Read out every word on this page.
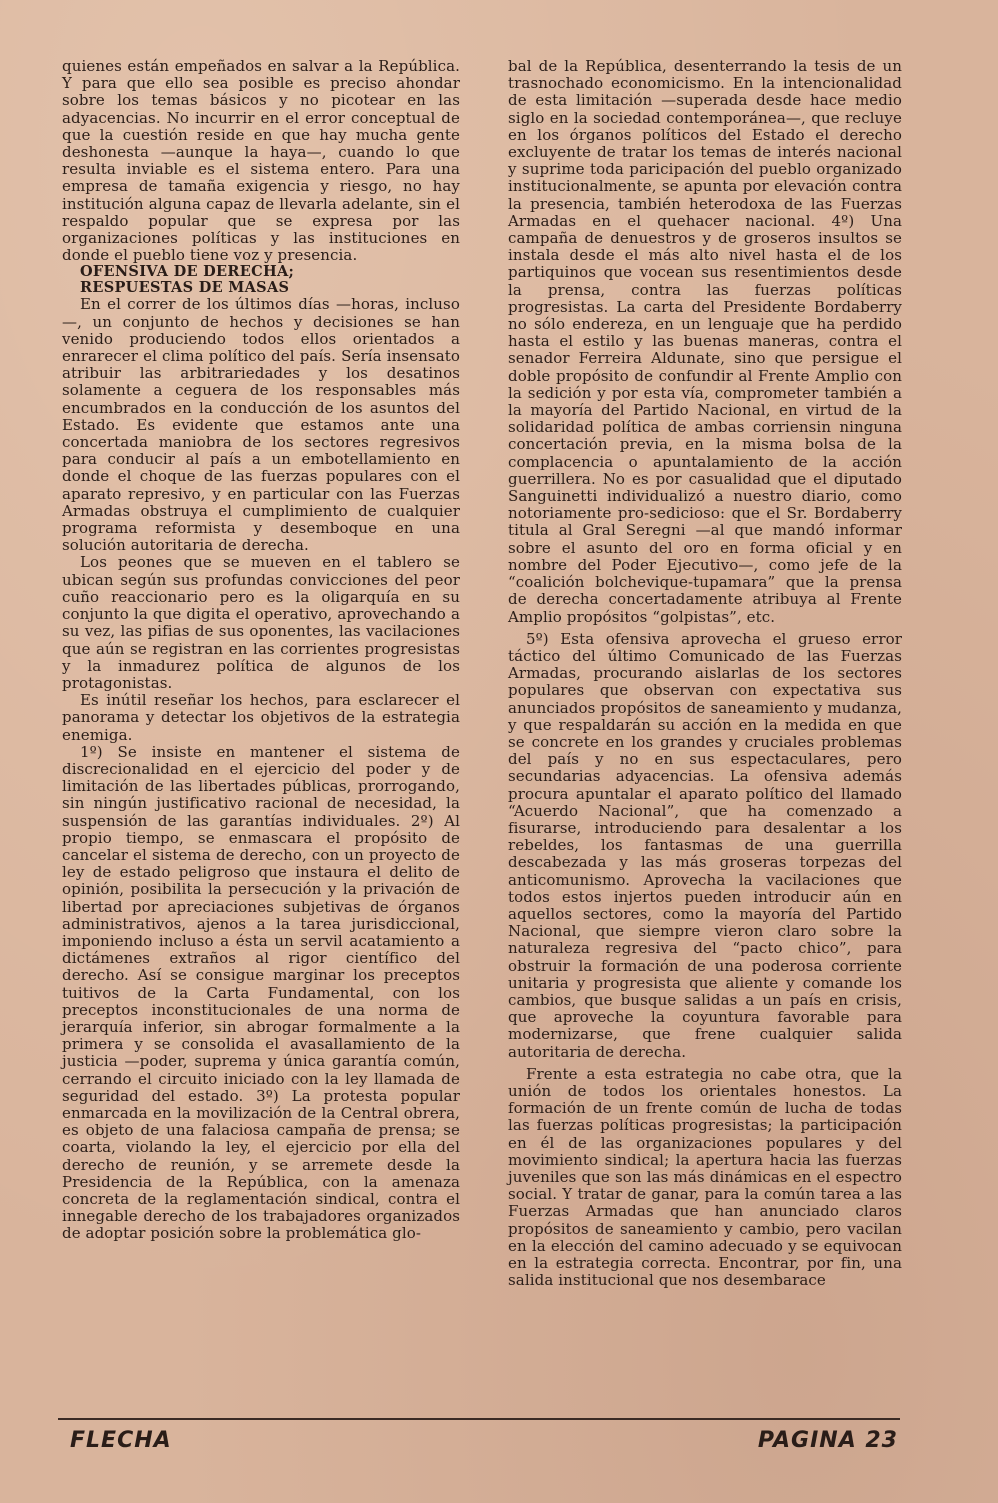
quienes están empeñados en salvar a la República. Y para que ello sea posible es preciso ahondar sobre los temas básicos y no picotear en las adyacencias. No incurrir en el error conceptual de que la cuestión reside en que hay mucha gente deshonesta —aunque la haya—, cuando lo que resulta inviable es el sistema entero. Para una empresa de tamaña exigencia y riesgo, no hay institución alguna capaz de llevarla adelante, sin el respaldo popular que se expresa por las organizaciones políticas y las instituciones en donde el pueblo tiene voz y presencia.

OFENSIVA DE DERECHA;
RESPUESTAS DE MASAS

En el correr de los últimos días —horas, incluso—, un conjunto de hechos y decisiones se han venido produciendo todos ellos orientados a enrarecer el clima político del país. Sería insensato atribuir las arbitrariedades y los desatinos solamente a ceguera de los responsables más encumbrados en la conducción de los asuntos del Estado. Es evidente que estamos ante una concertada maniobra de los sectores regresivos para conducir al país a un embotellamiento en donde el choque de las fuerzas populares con el aparato represivo, y en particular con las Fuerzas Armadas obstruya el cumplimiento de cualquier programa reformista y desemboque en una solución autoritaria de derecha.

Los peones que se mueven en el tablero se ubican según sus profundas convicciones del peor cuño reaccionario pero es la oligarquía en su conjunto la que digita el operativo, aprovechando a su vez, las pifias de sus oponentes, las vacilaciones que aún se registran en las corrientes progresistas y la inmadurez política de algunos de los protagonistas.

Es inútil reseñar los hechos, para esclarecer el panorama y detectar los objetivos de la estrategia enemiga.

1º) Se insiste en mantener el sistema de discrecionalidad en el ejercicio del poder y de limitación de las libertades públicas, prorrogando, sin ningún justificativo racional de necesidad, la suspensión de las garantías individuales. 2º) Al propio tiempo, se enmascara el propósito de cancelar el sistema de derecho, con un proyecto de ley de estado peligroso que instaura el delito de opinión, posibilita la persecución y la privación de libertad por apreciaciones subjetivas de órganos administrativos, ajenos a la tarea jurisdiccional, imponiendo incluso a ésta un servil acatamiento a dictámenes extraños al rigor científico del derecho. Así se consigue marginar los preceptos tuitivos de la Carta Fundamental, con los preceptos inconstitucionales de una norma de jerarquía inferior, sin abrogar formalmente a la primera y se consolida el avasallamiento de la justicia —poder, suprema y única garantía común, cerrando el circuito iniciado con la ley llamada de seguridad del estado. 3º) La protesta popular enmarcada en la movilización de la Central obrera, es objeto de una falaciosa campaña de prensa; se coarta, violando la ley, el ejercicio por ella del derecho de reunión, y se arremete desde la Presidencia de la República, con la amenaza concreta de la reglamentación sindical, contra el innegable derecho de los trabajadores organizados de adoptar posición sobre la problemática glo-

bal de la República, desenterrando la tesis de un trasnochado economicismo. En la intencionalidad de esta limitación —superada desde hace medio siglo en la sociedad contemporánea—, que recluye en los órganos políticos del Estado el derecho excluyente de tratar los temas de interés nacional y suprime toda paricipación del pueblo organizado institucionalmente, se apunta por elevación contra la presencia, también heterodoxa de las Fuerzas Armadas en el quehacer nacional. 4º) Una campaña de denuestros y de groseros insultos se instala desde el más alto nivel hasta el de los partiquinos que vocean sus resentimientos desde la prensa, contra las fuerzas políticas progresistas. La carta del Presidente Bordaberry no sólo endereza, en un lenguaje que ha perdido hasta el estilo y las buenas maneras, contra el senador Ferreira Aldunate, sino que persigue el doble propósito de confundir al Frente Amplio con la sedición y por esta vía, comprometer también a la mayoría del Partido Nacional, en virtud de la solidaridad política de ambas corriensin ninguna concertación previa, en la misma bolsa de la complacencia o apuntalamiento de la acción guerrillera. No es por casualidad que el diputado Sanguinetti individualizó a nuestro diario, como notoriamente pro-sedicioso: que el Sr. Bordaberry titula al Gral Seregni —al que mandó informar sobre el asunto del oro en forma oficial y en nombre del Poder Ejecutivo—, como jefe de la “coalición bolchevique-tupamara” que la prensa de derecha concertadamente atribuya al Frente Amplio propósitos “golpistas”, etc.

5º) Esta ofensiva aprovecha el grueso error táctico del último Comunicado de las Fuerzas Armadas, procurando aislarlas de los sectores populares que observan con expectativa sus anunciados propósitos de saneamiento y mudanza, y que respaldarán su acción en la medida en que se concrete en los grandes y cruciales problemas del país y no en sus espectaculares, pero secundarias adyacencias. La ofensiva además procura apuntalar el aparato político del llamado “Acuerdo Nacional”, que ha comenzado a fisurarse, introduciendo para desalentar a los rebeldes, los fantasmas de una guerrilla descabezada y las más groseras torpezas del anticomunismo. Aprovecha la vacilaciones que todos estos injertos pueden introducir aún en aquellos sectores, como la mayoría del Partido Nacional, que siempre vieron claro sobre la naturaleza regresiva del “pacto chico”, para obstruir la formación de una poderosa corriente unitaria y progresista que aliente y comande los cambios, que busque salidas a un país en crisis, que aproveche la coyuntura favorable para modernizarse, que frene cualquier salida autoritaria de derecha.

Frente a esta estrategia no cabe otra, que la unión de todos los orientales honestos. La formación de un frente común de lucha de todas las fuerzas políticas progresistas; la participación en él de las organizaciones populares y del movimiento sindical; la apertura hacia las fuerzas juveniles que son las más dinámicas en el espectro social. Y tratar de ganar, para la común tarea a las Fuerzas Armadas que han anunciado claros propósitos de saneamiento y cambio, pero vacilan en la elección del camino adecuado y se equivocan en la estrategia correcta. Encontrar, por fin, una salida institucional que nos desembarace

FLECHA	PAGINA 23
